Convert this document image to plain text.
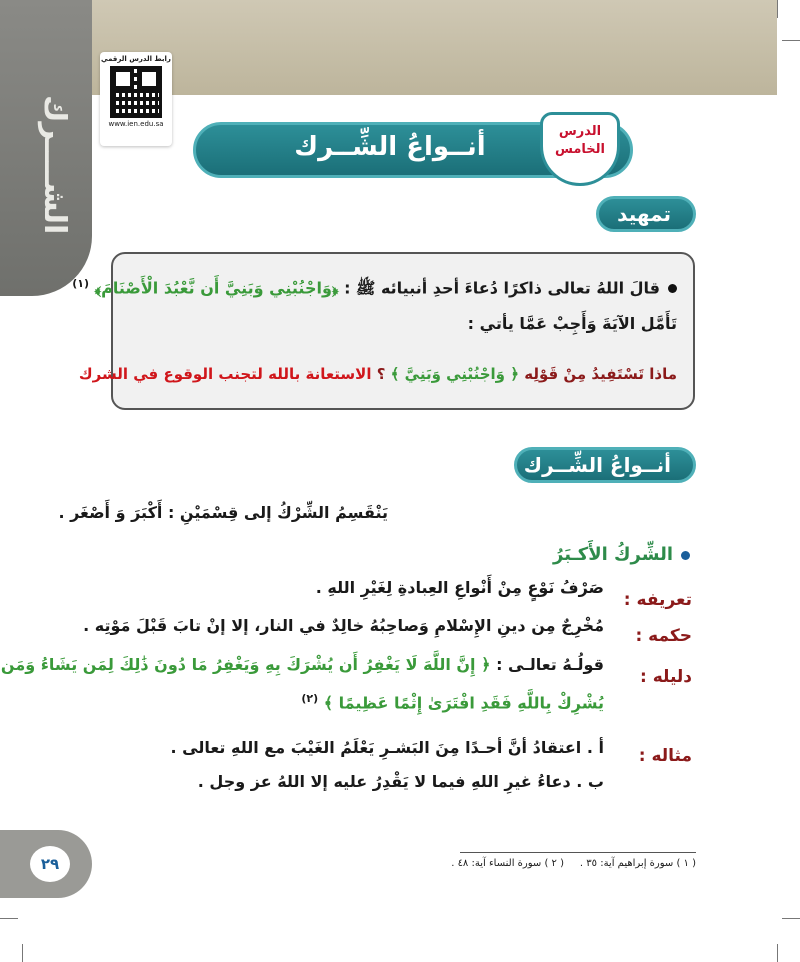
الشــــرك
رابط الدرس الرقمي
www.ien.edu.sa
أنــواعُ الشِّــرك
الدرس
الخامس
تمهيد
قالَ اللهُ تعالى ذاكرًا دُعاءَ أحدِ أنبيائه ﷺ : ﴿وَاجْنُبْنِي وَبَنِيَّ أَن نَّعْبُدَ الْأَصْنَامَ﴾ $^{(١)}$
تَأَمَّل الآيَةَ وَأَجِبْ عَمَّا يأتي :
ماذا تَسْتَفِيدُ مِنْ قَوْلِه ﴿ وَاجْنُبْنِي وَبَنِيَّ ﴾ ؟ الاستعانة بالله لتجنب الوقوع في الشرك
أنــواعُ الشِّــرك
يَنْقَسِمُ الشِّرْكُ إلى قِسْمَيْنِ : أَكْبَرَ وَ أَصْغَر .
الشِّركُ الأَكـبَرُ
تعريفه :
صَرْفُ نَوْعٍ مِنْ أَنْواعِ العِبادةِ لِغَيْرِ اللهِ .
حكمه :
مُخْرِجٌ مِن دينِ الإِسْلامِ وَصاحِبُهُ خالِدٌ في النار، إلا إنْ تابَ قَبْلَ مَوْتِه .
دليله :
قولُـهُ تعالـى : ﴿ إِنَّ اللَّهَ لَا يَغْفِرُ أَن يُشْرَكَ بِهِ وَيَغْفِرُ مَا دُونَ ذَٰلِكَ لِمَن يَشَاءُ وَمَن
يُشْرِكْ بِاللَّهِ فَقَدِ افْتَرَىٰ إِثْمًا عَظِيمًا ﴾ $^{(٢)}$
مثاله :
أ . اعتقادُ أنَّ أحـدًا مِنَ البَشـرِ يَعْلَمُ الغَيْبَ مع اللهِ تعالى .
ب . دعاءُ غيرِ اللهِ فيما لا يَقْدِرُ عليه إلا اللهُ عز وجل .
٢٩	( ١ ) سورة إبراهيم آية: ٣٥ .     ( ٢ ) سورة النساء آية: ٤٨ .
